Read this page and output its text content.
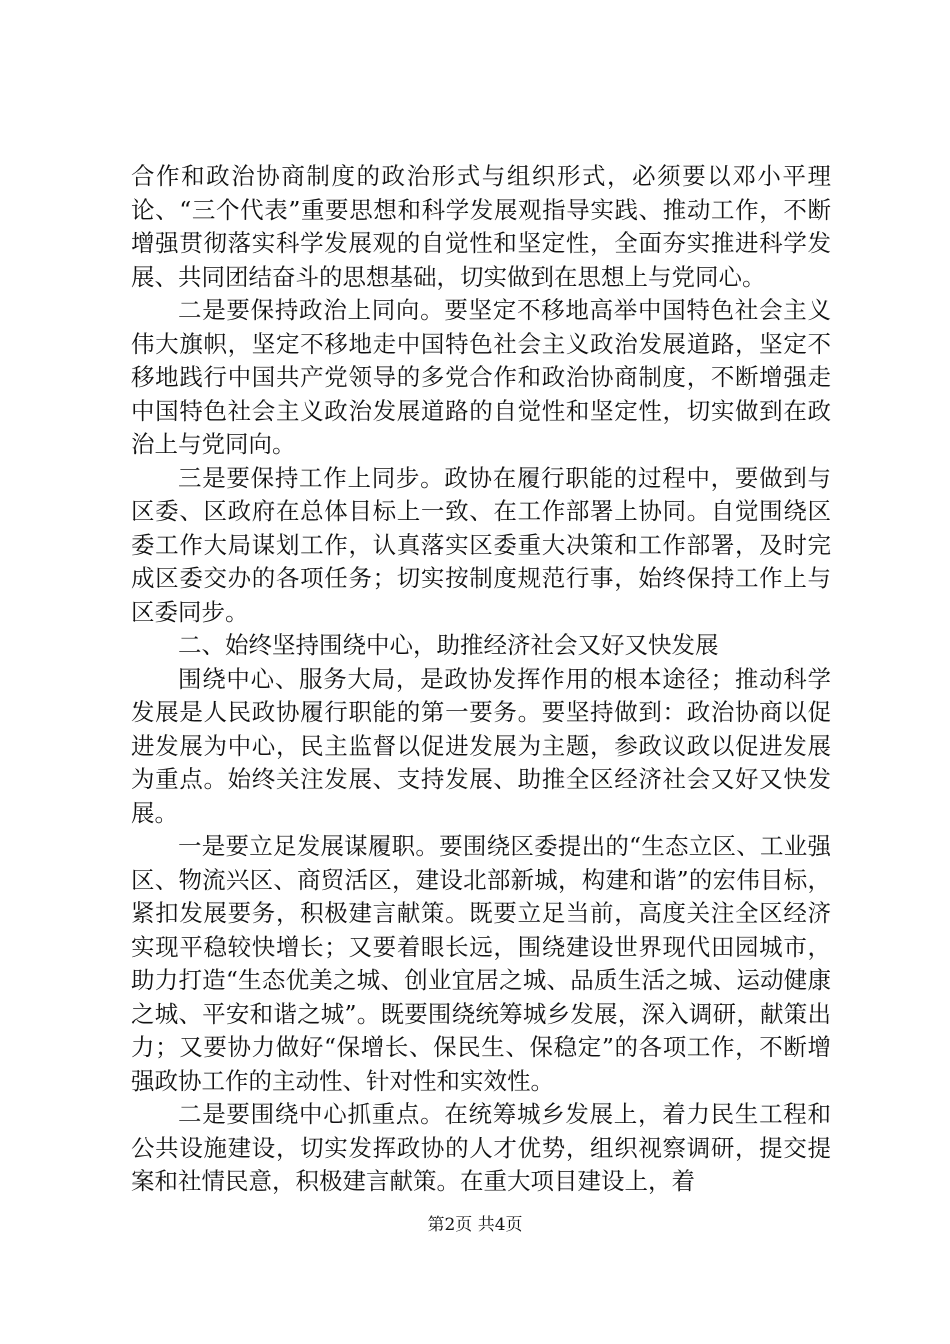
合作和政治协商制度的政治形式与组织形式，必须要以邓小平理论、“三个代表”重要思想和科学发展观指导实践、推动工作，不断增强贯彻落实科学发展观的自觉性和坚定性，全面夯实推进科学发展、共同团结奋斗的思想基础，切实做到在思想上与党同心。

二是要保持政治上同向。要坚定不移地高举中国特色社会主义伟大旗帜，坚定不移地走中国特色社会主义政治发展道路，坚定不移地践行中国共产党领导的多党合作和政治协商制度，不断增强走中国特色社会主义政治发展道路的自觉性和坚定性，切实做到在政治上与党同向。

三是要保持工作上同步。政协在履行职能的过程中，要做到与区委、区政府在总体目标上一致、在工作部署上协同。自觉围绕区委工作大局谋划工作，认真落实区委重大决策和工作部署，及时完成区委交办的各项任务；切实按制度规范行事，始终保持工作上与区委同步。

二、始终坚持围绕中心，助推经济社会又好又快发展

围绕中心、服务大局，是政协发挥作用的根本途径；推动科学发展是人民政协履行职能的第一要务。要坚持做到：政治协商以促进发展为中心，民主监督以促进发展为主题，参政议政以促进发展为重点。始终关注发展、支持发展、助推全区经济社会又好又快发展。

一是要立足发展谋履职。要围绕区委提出的“生态立区、工业强区、物流兴区、商贸活区，建设北部新城，构建和谐”的宏伟目标，紧扣发展要务，积极建言献策。既要立足当前，高度关注全区经济实现平稳较快增长；又要着眼长远，围绕建设世界现代田园城市，助力打造“生态优美之城、创业宜居之城、品质生活之城、运动健康之城、平安和谐之城”。既要围绕统筹城乡发展，深入调研，献策出力；又要协力做好“保增长、保民生、保稳定”的各项工作，不断增强政协工作的主动性、针对性和实效性。

二是要围绕中心抓重点。在统筹城乡发展上，着力民生工程和公共设施建设，切实发挥政协的人才优势，组织视察调研，提交提案和社情民意，积极建言献策。在重大项目建设上，着

第2页 共4页
